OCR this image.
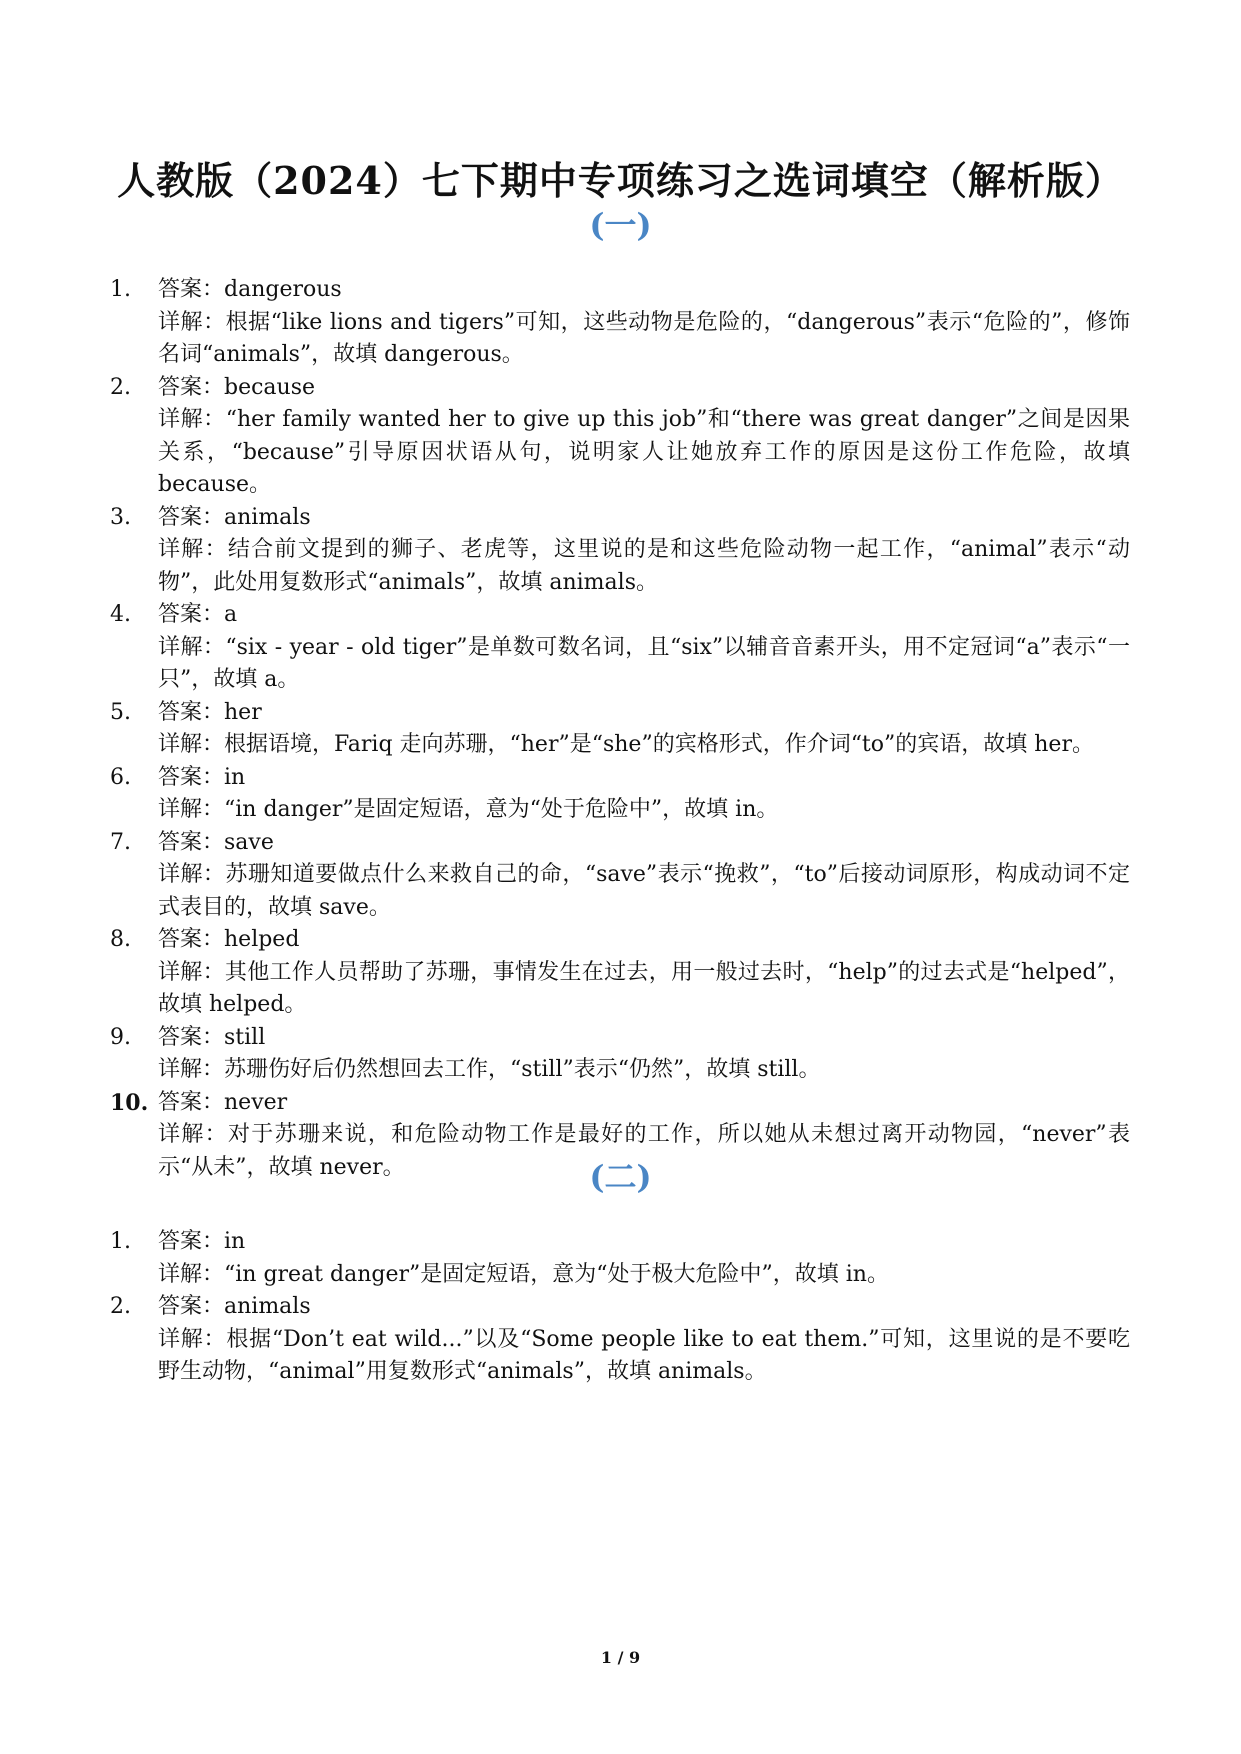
人教版（2024）七下期中专项练习之选词填空（解析版）
(一)
1.	答案：dangerous
详解：根据“like lions and tigers”可知，这些动物是危险的，“dangerous”表示“危险的”，修饰名词“animals”，故填 dangerous。
2.	答案：because
详解：“her family wanted her to give up this job”和“there was great danger”之间是因果关系，“because”引导原因状语从句，说明家人让她放弃工作的原因是这份工作危险，故填 because。
3.	答案：animals
详解：结合前文提到的狮子、老虎等，这里说的是和这些危险动物一起工作，“animal”表示“动物”，此处用复数形式“animals”，故填 animals。
4.	答案：a
详解：“six - year - old tiger”是单数可数名词，且“six”以辅音音素开头，用不定冠词“a”表示“一只”，故填 a。
5.	答案：her
详解：根据语境，Fariq 走向苏珊，“her”是“she”的宾格形式，作介词“to”的宾语，故填 her。
6.	答案：in
详解：“in danger”是固定短语，意为“处于危险中”，故填 in。
7.	答案：save
详解：苏珊知道要做点什么来救自己的命，“save”表示“挽救”，“to”后接动词原形，构成动词不定式表目的，故填 save。
8.	答案：helped
详解：其他工作人员帮助了苏珊，事情发生在过去，用一般过去时，“help”的过去式是“helped”，故填 helped。
9.	答案：still
详解：苏珊伤好后仍然想回去工作，“still”表示“仍然”，故填 still。
10. 答案：never
详解：对于苏珊来说，和危险动物工作是最好的工作，所以她从未想过离开动物园，“never”表示“从未”，故填 never。	(二)
1.	答案：in
详解：“in great danger”是固定短语，意为“处于极大危险中”，故填 in。
2.	答案：animals
详解：根据“Don’t eat wild...”以及“Some people like to eat them.”可知，这里说的是不要吃野生动物，“animal”用复数形式“animals”，故填 animals。
1 / 9
